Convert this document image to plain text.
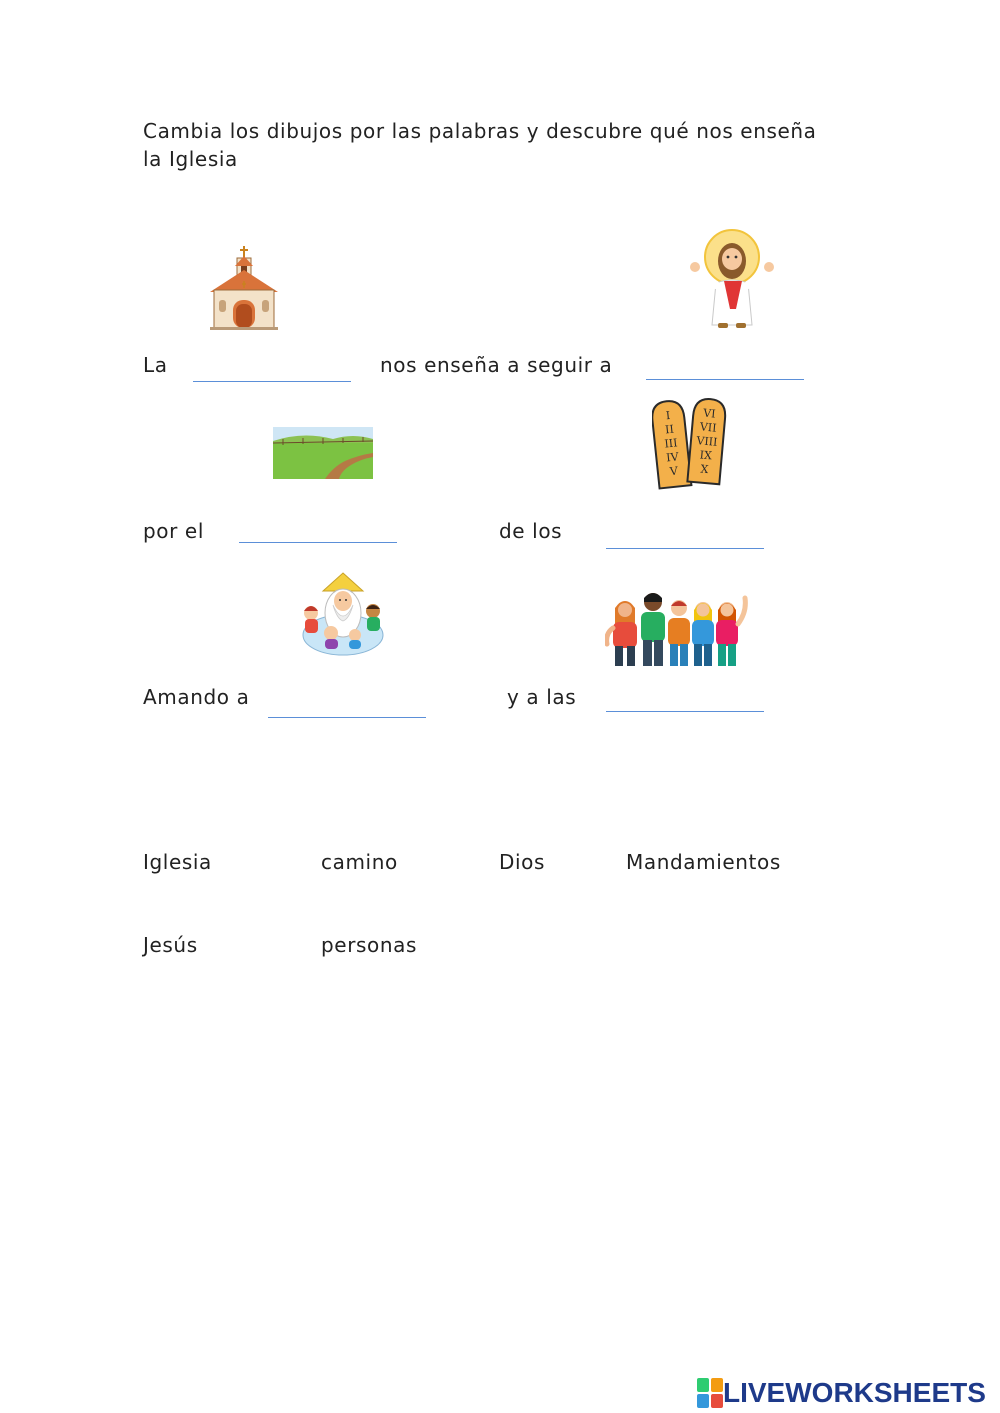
Cambia los dibujos por las palabras y descubre qué nos enseña
la Iglesia
La	nos enseña a seguir a
I
II
III
IV
V
VI
VII
VIII
IX
X
por el	de los
Amando a	y a las
Iglesia	camino	Dios	Mandamientos
Jesús	personas
LIVEWORKSHEETS
